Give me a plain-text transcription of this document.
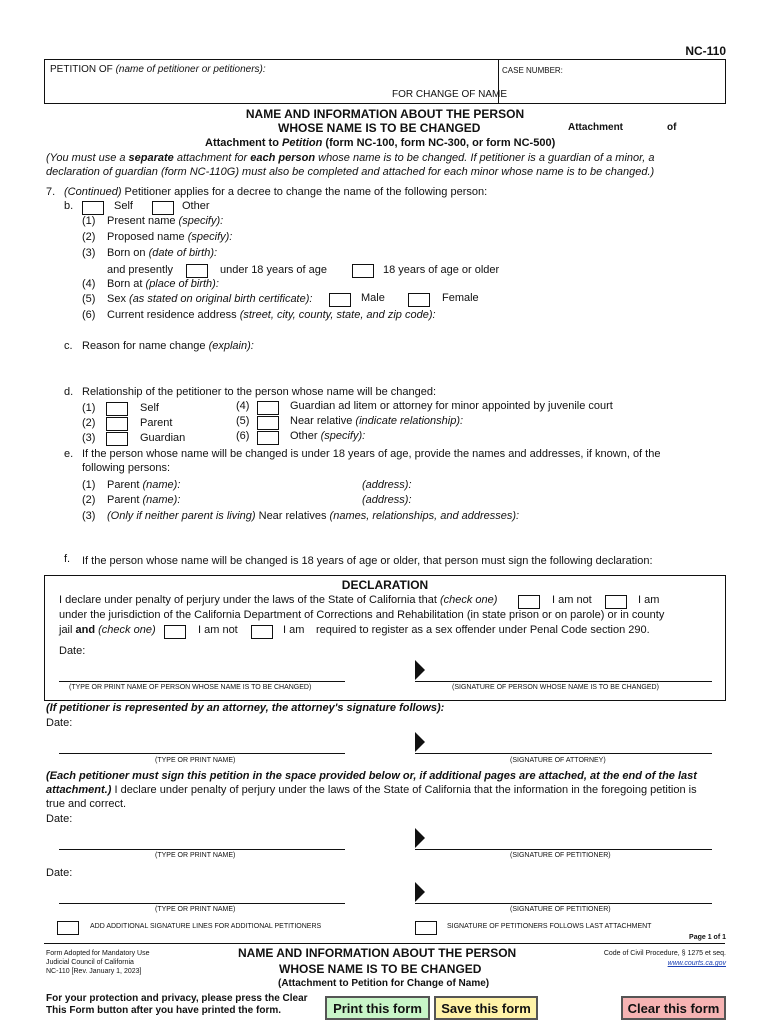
NC-110
PETITION OF (name of petitioner or petitioners):	CASE NUMBER:
FOR CHANGE OF NAME
NAME AND INFORMATION ABOUT THE PERSON
WHOSE NAME IS TO BE CHANGED	Attachment	of
Attachment to Petition (form NC-100, form NC-300, or form NC-500)
(You must use a separate attachment for each person whose name is to be changed. If petitioner is a guardian of a minor, a
declaration of guardian (form NC-110G) must also be completed and attached for each minor whose name is to be changed.)
7. (Continued) Petitioner applies for a decree to change the name of the following person:
b.	Self	Other
(1) Present name (specify):
(2) Proposed name (specify):
(3) Born on (date of birth):
and presently	under 18 years of age	18 years of age or older
(4) Born at (place of birth):
(5) Sex (as stated on original birth certificate):	Male	Female
(6) Current residence address (street, city, county, state, and zip code):
c. Reason for name change (explain):
d. Relationship of the petitioner to the person whose name will be changed:
(1)	Self
(2)	Parent
(3)	Guardian
(4)	Guardian ad litem or attorney for minor appointed by juvenile court
(5)	Near relative (indicate relationship):
(6)	Other (specify):
e. If the person whose name will be changed is under 18 years of age, provide the names and addresses, if known, of the
following persons:
(1) Parent (name):	(address):
(2) Parent (name):	(address):
(3) (Only if neither parent is living) Near relatives (names, relationships, and addresses):
f. If the person whose name will be changed is 18 years of age or older, that person must sign the following declaration:
DECLARATION
I declare under penalty of perjury under the laws of the State of California that (check one)	I am not	I am
under the jurisdiction of the California Department of Corrections and Rehabilitation (in state prison or on parole) or in county
jail and (check one)	I am not	I am required to register as a sex offender under Penal Code section 290.
Date:
(TYPE OR PRINT NAME OF PERSON WHOSE NAME IS TO BE CHANGED)	(SIGNATURE OF PERSON WHOSE NAME IS TO BE CHANGED)
(If petitioner is represented by an attorney, the attorney's signature follows):
Date:
(TYPE OR PRINT NAME)	(SIGNATURE OF ATTORNEY)
(Each petitioner must sign this petition in the space provided below or, if additional pages are attached, at the end of the last
attachment.) I declare under penalty of perjury under the laws of the State of California that the information in the foregoing petition is
true and correct.
Date:
(TYPE OR PRINT NAME)	(SIGNATURE OF PETITIONER)
Date:
(TYPE OR PRINT NAME)	(SIGNATURE OF PETITIONER)
ADD ADDITIONAL SIGNATURE LINES FOR ADDITIONAL PETITIONERS	SIGNATURE OF PETITIONERS FOLLOWS LAST ATTACHMENT
Page 1 of 1
Form Adopted for Mandatory Use
Judicial Council of California
NC-110 [Rev. January 1, 2023]
NAME AND INFORMATION ABOUT THE PERSON
WHOSE NAME IS TO BE CHANGED
(Attachment to Petition for Change of Name)
Code of Civil Procedure, § 1275 et seq.
www.courts.ca.gov
For your protection and privacy, please press the Clear
This Form button after you have printed the form.	Print this form	Save this form	Clear this form
